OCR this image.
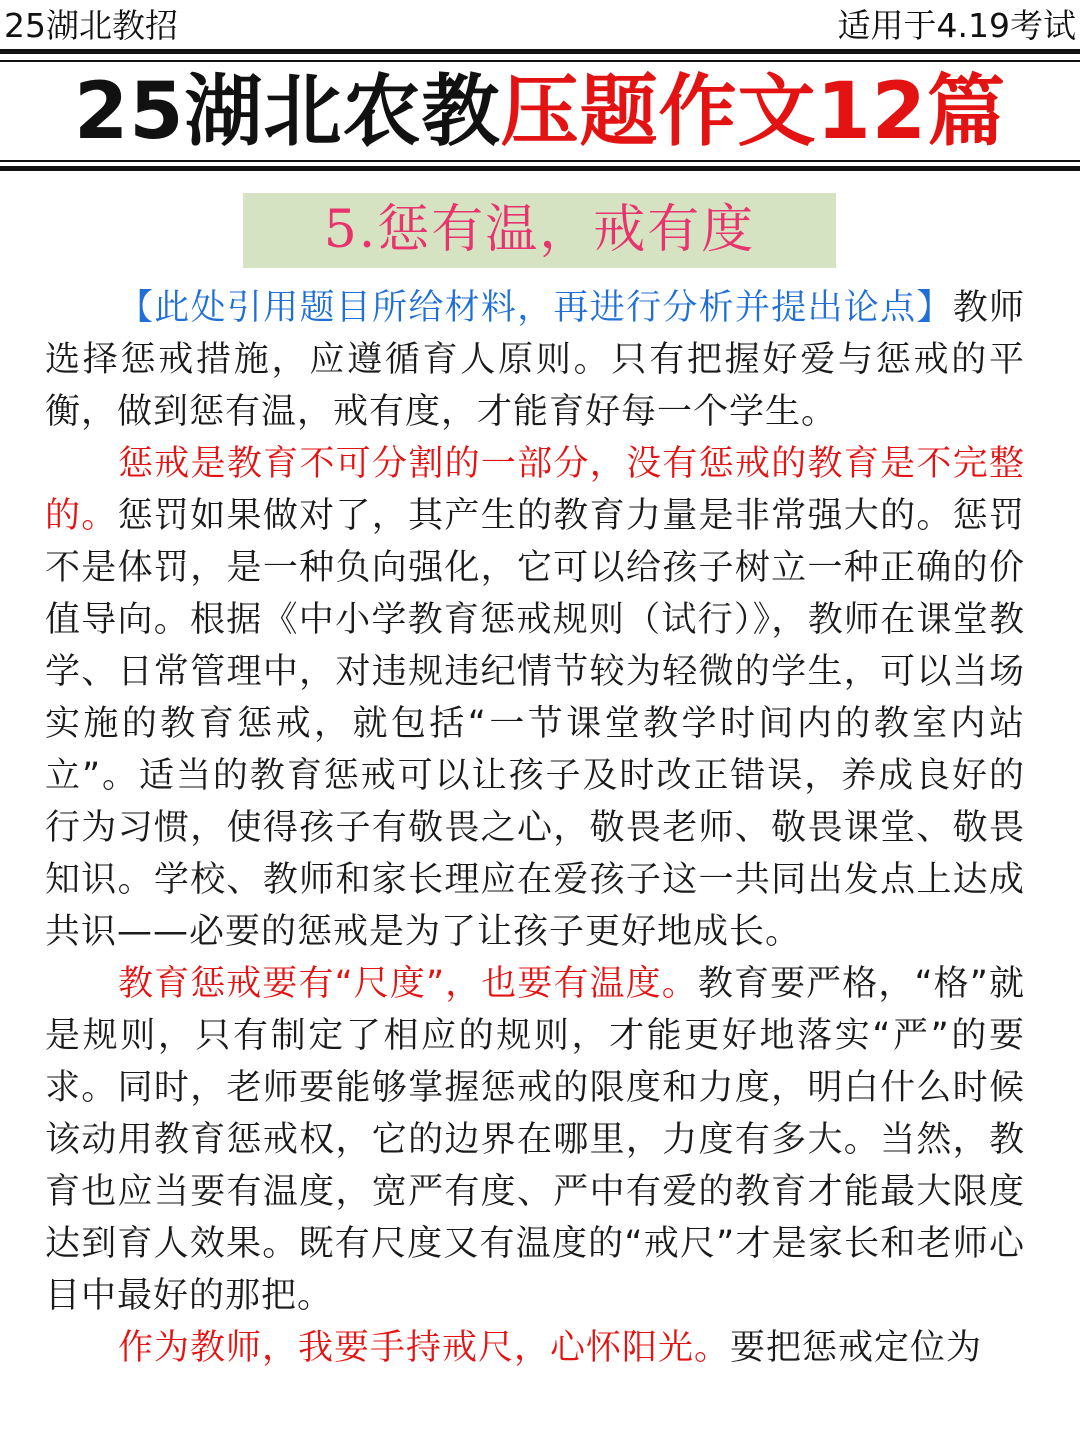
25湖北教招	适用于4.19考试
25湖北农教压题作文12篇
5.惩有温，戒有度

【此处引用题目所给材料，再进行分析并提出论点】教师选择惩戒措施，应遵循育人原则。只有把握好爱与惩戒的平衡，做到惩有温，戒有度，才能育好每一个学生。

惩戒是教育不可分割的一部分，没有惩戒的教育是不完整的。惩罚如果做对了，其产生的教育力量是非常强大的。惩罚不是体罚，是一种负向强化，它可以给孩子树立一种正确的价值导向。根据《中小学教育惩戒规则（试行）》，教师在课堂教学、日常管理中，对违规违纪情节较为轻微的学生，可以当场实施的教育惩戒，就包括“一节课堂教学时间内的教室内站立”。适当的教育惩戒可以让孩子及时改正错误，养成良好的行为习惯，使得孩子有敬畏之心，敬畏老师、敬畏课堂、敬畏知识。学校、教师和家长理应在爱孩子这一共同出发点上达成共识——必要的惩戒是为了让孩子更好地成长。

教育惩戒要有“尺度”，也要有温度。教育要严格，“格”就是规则，只有制定了相应的规则，才能更好地落实“严”的要求。同时，老师要能够掌握惩戒的限度和力度，明白什么时候该动用教育惩戒权，它的边界在哪里，力度有多大。当然，教育也应当要有温度，宽严有度、严中有爱的教育才能最大限度达到育人效果。既有尺度又有温度的“戒尺”才是家长和老师心目中最好的那把。

作为教师，我要手持戒尺，心怀阳光。要把惩戒定位为
